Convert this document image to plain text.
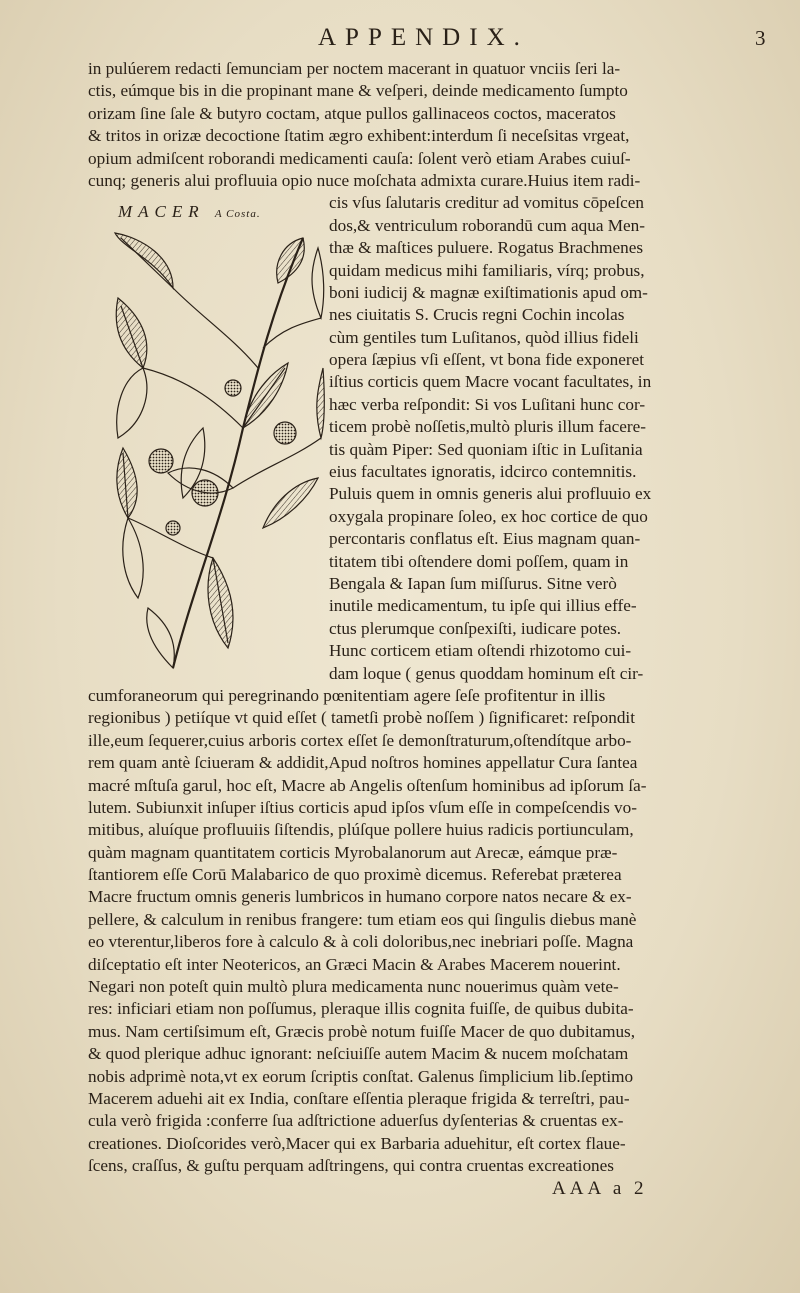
APPENDIX.	3
MACER A Costa.
in pulúerem redacti ſemunciam per noctem macerant in quatuor vnciis ſeri la-
ctis, eúmque bis in die propinant mane & veſperi, deinde medicamento ſumpto
orizam ſine ſale & butyro coctam, atque pullos gallinaceos coctos, maceratos
& tritos in orizæ decoctione ſtatim ægro exhibent:interdum ſi neceſsitas vrgeat,
opium admiſcent roborandi medicamenti cauſa: ſolent verò etiam Arabes cuiuſ-
cunq; generis alui profluuia opio nuce moſchata admixta curare.Huius item radi-
cis vſus ſalutaris creditur ad vomitus cōpeſcen
dos,& ventriculum roborandū cum aqua Men-
thæ & maſtices puluere. Rogatus Brachmenes
quidam medicus mihi familiaris, vírq; probus,
boni iudicij & magnæ exiſtimationis apud om-
nes ciuitatis S. Crucis regni Cochin incolas
cùm gentiles tum Luſitanos, quòd illius fideli
opera ſæpius vſi eſſent, vt bona fide exponeret
iſtius corticis quem Macre vocant facultates, in
hæc verba reſpondit: Si vos Luſitani hunc cor-
ticem probè noſſetis,multò pluris illum facere-
tis quàm Piper: Sed quoniam iſtic in Luſitania
eius facultates ignoratis, idcirco contemnitis.
Puluis quem in omnis generis alui profluuio ex
oxygala propinare ſoleo, ex hoc cortice de quo
percontaris conflatus eſt. Eius magnam quan-
titatem tibi oſtendere domi poſſem, quam in
Bengala & Iapan ſum miſſurus. Sitne verò
inutile medicamentum, tu ipſe qui illius effe-
ctus plerumque conſpexiſti, iudicare potes.
Hunc corticem etiam oſtendi rhizotomo cui-
dam loque ( genus quoddam hominum eſt cir-
cumforaneorum qui peregrinando pœnitentiam agere ſeſe profitentur in illis
regionibus ) petiíque vt quid eſſet ( tametſi probè noſſem ) ſignificaret: reſpondit
ille,eum ſequerer,cuius arboris cortex eſſet ſe demonſtraturum,oſtendítque arbo-
rem quam antè ſciueram & addidit,Apud noſtros homines appellatur Cura ſantea
macré mſtuſa garul, hoc eſt, Macre ab Angelis oſtenſum hominibus ad ipſorum ſa-
lutem. Subiunxit inſuper iſtius corticis apud ipſos vſum eſſe in compeſcendis vo-
mitibus, aluíque profluuiis ſiſtendis, plúſque pollere huius radicis portiunculam,
quàm magnam quantitatem corticis Myrobalanorum aut Arecæ, eámque præ-
ſtantiorem eſſe Corū Malabarico de quo proximè dicemus. Referebat præterea
Macre fructum omnis generis lumbricos in humano corpore natos necare & ex-
pellere, & calculum in renibus frangere: tum etiam eos qui ſingulis diebus manè
eo vterentur,liberos fore à calculo & à coli doloribus,nec inebriari poſſe. Magna
diſceptatio eſt inter Neotericos, an Græci Macin & Arabes Macerem nouerint.
Negari non poteſt quin multò plura medicamenta nunc nouerimus quàm vete-
res: inficiari etiam non poſſumus, pleraque illis cognita fuiſſe, de quibus dubita-
mus. Nam certiſsimum eſt, Græcis probè notum fuiſſe Macer de quo dubitamus,
& quod plerique adhuc ignorant: neſciuiſſe autem Macim & nucem moſchatam
nobis adprimè nota,vt ex eorum ſcriptis conſtat. Galenus ſimplicium lib.ſeptimo
Macerem aduehi ait ex India, conſtare eſſentia pleraque frigida & terreſtri, pau-
cula verò frigida :conferre ſua adſtrictione aduerſus dyſenterias & cruentas ex-
creationes. Dioſcorides verò,Macer qui ex Barbaria aduehitur, eſt cortex flaue-
ſcens, craſſus, & guſtu perquam adſtringens, qui contra cruentas excreationes
AAA a 2
